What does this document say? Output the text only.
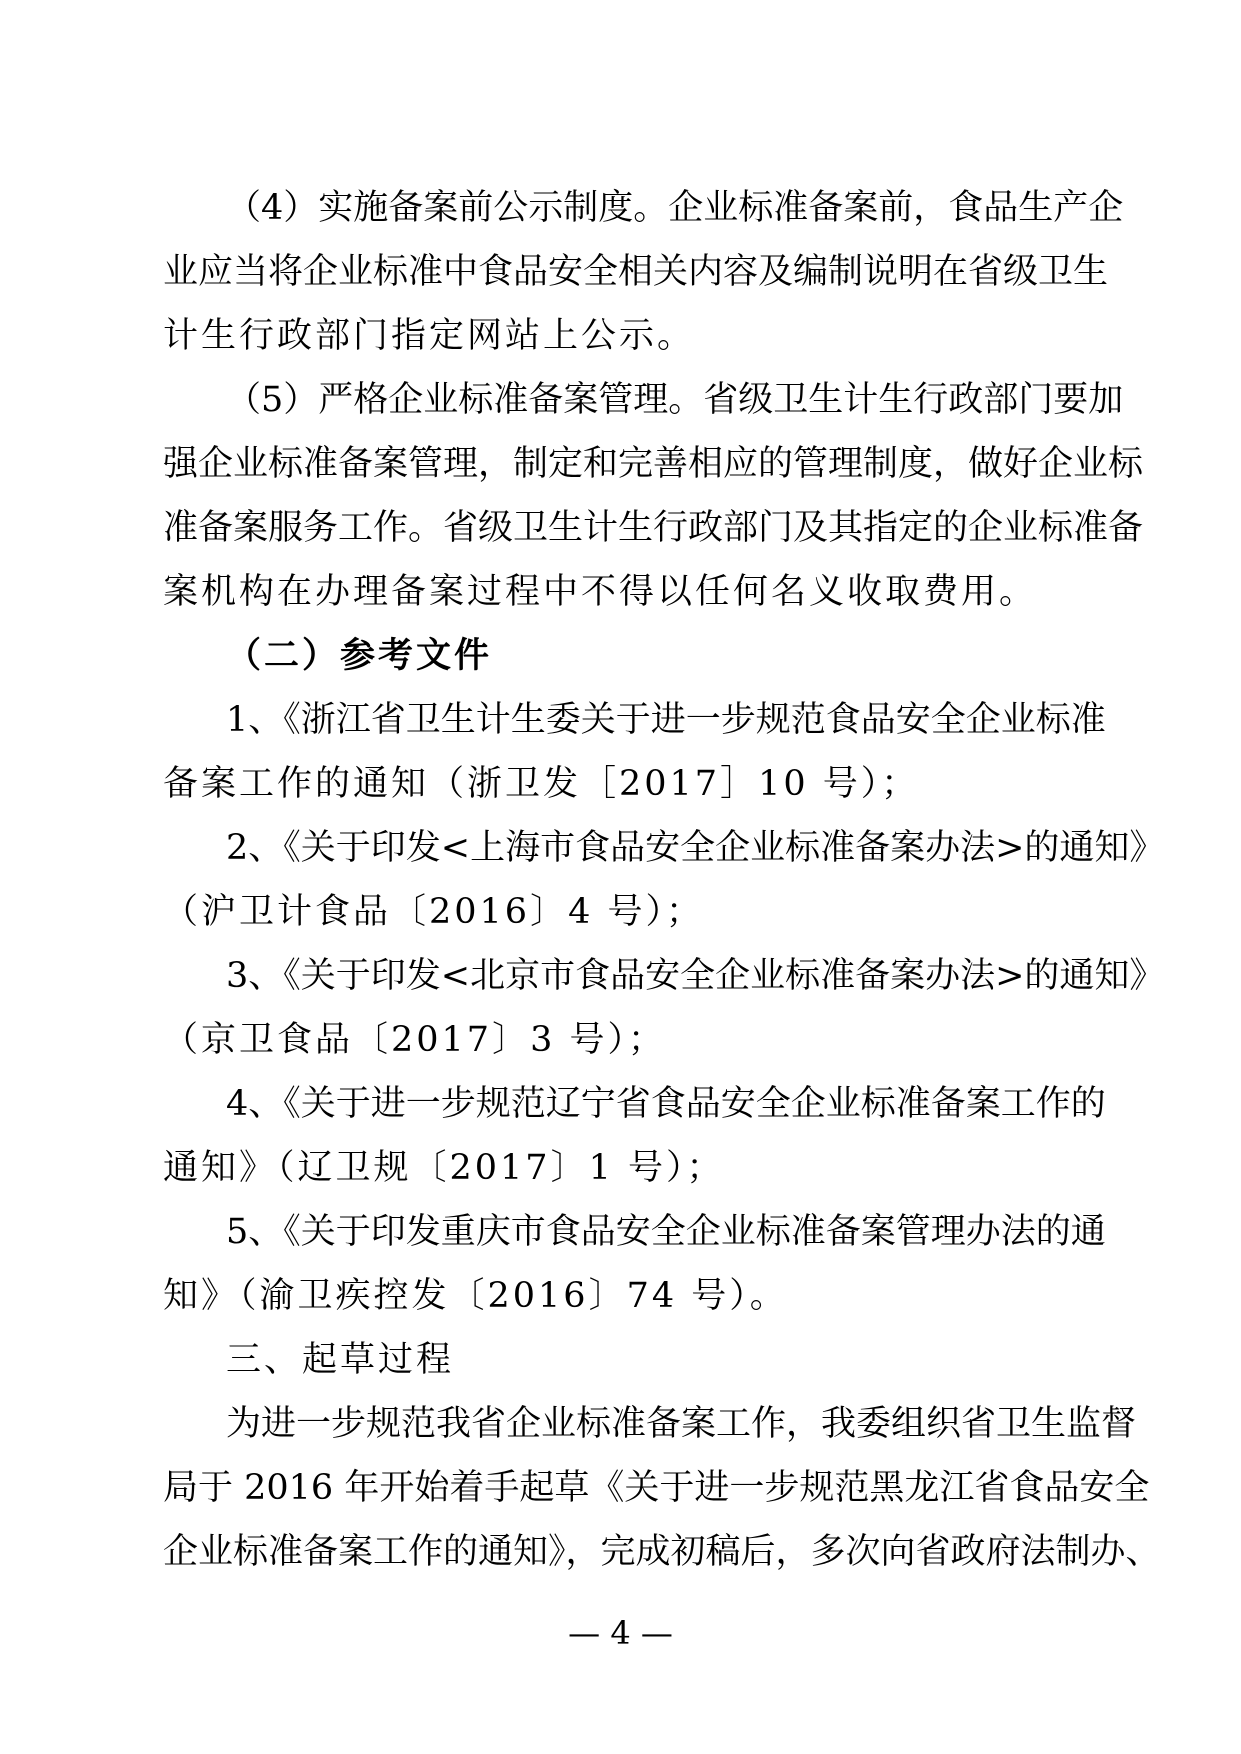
（4）实施备案前公示制度。企业标准备案前，食品生产企
业应当将企业标准中食品安全相关内容及编制说明在省级卫生
计生行政部门指定网站上公示。
（5）严格企业标准备案管理。省级卫生计生行政部门要加
强企业标准备案管理，制定和完善相应的管理制度，做好企业标
准备案服务工作。省级卫生计生行政部门及其指定的企业标准备
案机构在办理备案过程中不得以任何名义收取费用。
（二）参考文件
1、《浙江省卫生计生委关于进一步规范食品安全企业标准
备案工作的通知（浙卫发［2017］10 号）；
2、《关于印发<上海市食品安全企业标准备案办法>的通知》
（沪卫计食品〔2016〕4 号）；
3、《关于印发<北京市食品安全企业标准备案办法>的通知》
（京卫食品〔2017〕3 号）；
4、《关于进一步规范辽宁省食品安全企业标准备案工作的
通知》（辽卫规〔2017〕1 号）；
5、《关于印发重庆市食品安全企业标准备案管理办法的通
知》（渝卫疾控发〔2016〕74 号）。
三、起草过程
为进一步规范我省企业标准备案工作，我委组织省卫生监督
局于 2016 年开始着手起草《关于进一步规范黑龙江省食品安全
企业标准备案工作的通知》，完成初稿后，多次向省政府法制办、
— 4 —
